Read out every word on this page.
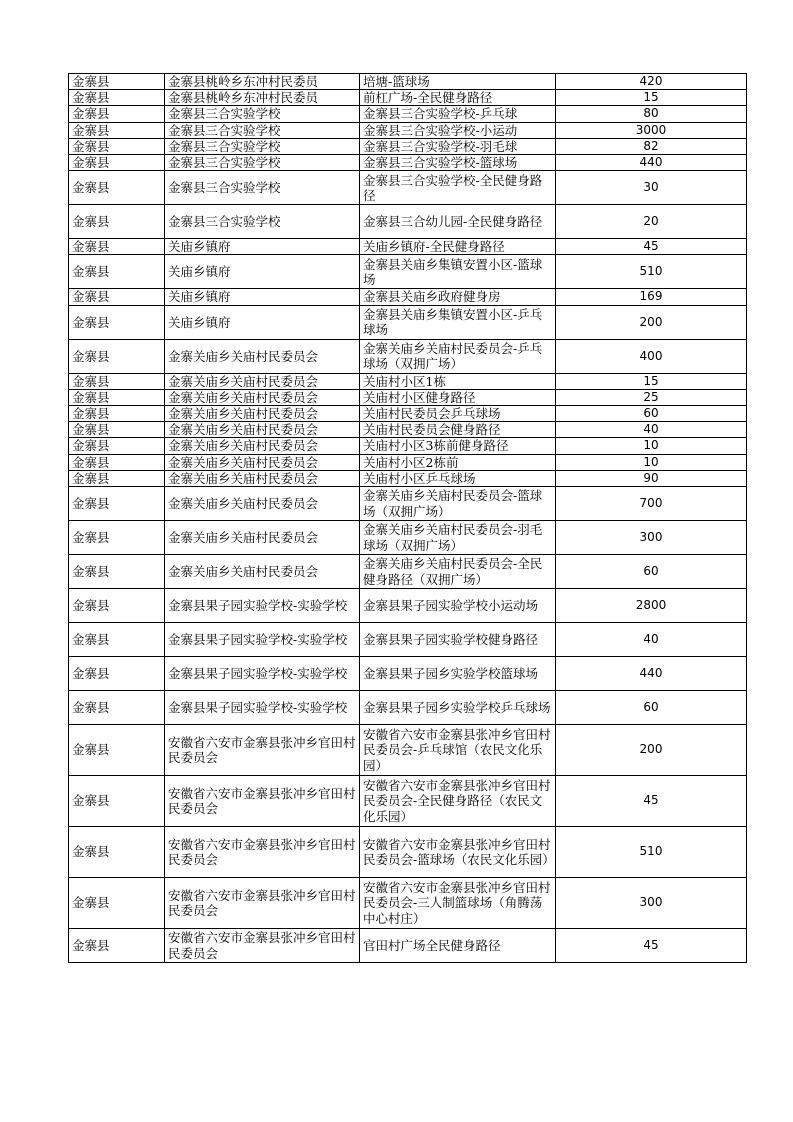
金寨县	金寨县桃岭乡东冲村民委员	培塘-篮球场	420
金寨县	金寨县桃岭乡东冲村民委员	前杠广场-全民健身路径	15
金寨县	金寨县三合实验学校	金寨县三合实验学校-乒乓球	80
金寨县	金寨县三合实验学校	金寨县三合实验学校-小运动	3000
金寨县	金寨县三合实验学校	金寨县三合实验学校-羽毛球	82
金寨县	金寨县三合实验学校	金寨县三合实验学校-篮球场	440
金寨县	金寨县三合实验学校	金寨县三合实验学校-全民健身路径	30
金寨县	金寨县三合实验学校	金寨县三合幼儿园-全民健身路径	20
金寨县	关庙乡镇府	关庙乡镇府-全民健身路径	45
金寨县	关庙乡镇府	金寨县关庙乡集镇安置小区-篮球场	510
金寨县	关庙乡镇府	金寨县关庙乡政府健身房	169
金寨县	关庙乡镇府	金寨县关庙乡集镇安置小区-乒乓球场	200
金寨县	金寨关庙乡关庙村民委员会	金寨关庙乡关庙村民委员会-乒乓球场（双拥广场）	400
金寨县	金寨关庙乡关庙村民委员会	关庙村小区1栋	15
金寨县	金寨关庙乡关庙村民委员会	关庙村小区健身路径	25
金寨县	金寨关庙乡关庙村民委员会	关庙村民委员会乒乓球场	60
金寨县	金寨关庙乡关庙村民委员会	关庙村民委员会健身路径	40
金寨县	金寨关庙乡关庙村民委员会	关庙村小区3栋前健身路径	10
金寨县	金寨关庙乡关庙村民委员会	关庙村小区2栋前	10
金寨县	金寨关庙乡关庙村民委员会	关庙村小区乒乓球场	90
金寨县	金寨关庙乡关庙村民委员会	金寨关庙乡关庙村民委员会-篮球场（双拥广场）	700
金寨县	金寨关庙乡关庙村民委员会	金寨关庙乡关庙村民委员会-羽毛球场（双拥广场）	300
金寨县	金寨关庙乡关庙村民委员会	金寨关庙乡关庙村民委员会-全民健身路径（双拥广场）	60
金寨县	金寨县果子园实验学校-实验学校	金寨县果子园实验学校小运动场	2800
金寨县	金寨县果子园实验学校-实验学校	金寨县果子园实验学校健身路径	40
金寨县	金寨县果子园实验学校-实验学校	金寨县果子园乡实验学校篮球场	440
金寨县	金寨县果子园实验学校-实验学校	金寨县果子园乡实验学校乒乓球场	60
金寨县	安徽省六安市金寨县张冲乡官田村民委员会	安徽省六安市金寨县张冲乡官田村民委员会-乒乓球馆（农民文化乐园）	200
金寨县	安徽省六安市金寨县张冲乡官田村民委员会	安徽省六安市金寨县张冲乡官田村民委员会-全民健身路径（农民文化乐园）	45
金寨县	安徽省六安市金寨县张冲乡官田村民委员会	安徽省六安市金寨县张冲乡官田村民委员会-篮球场（农民文化乐园）	510
金寨县	安徽省六安市金寨县张冲乡官田村民委员会	安徽省六安市金寨县张冲乡官田村民委员会-三人制篮球场（角腾荡中心村庄）	300
金寨县	安徽省六安市金寨县张冲乡官田村民委员会	官田村广场全民健身路径	45
